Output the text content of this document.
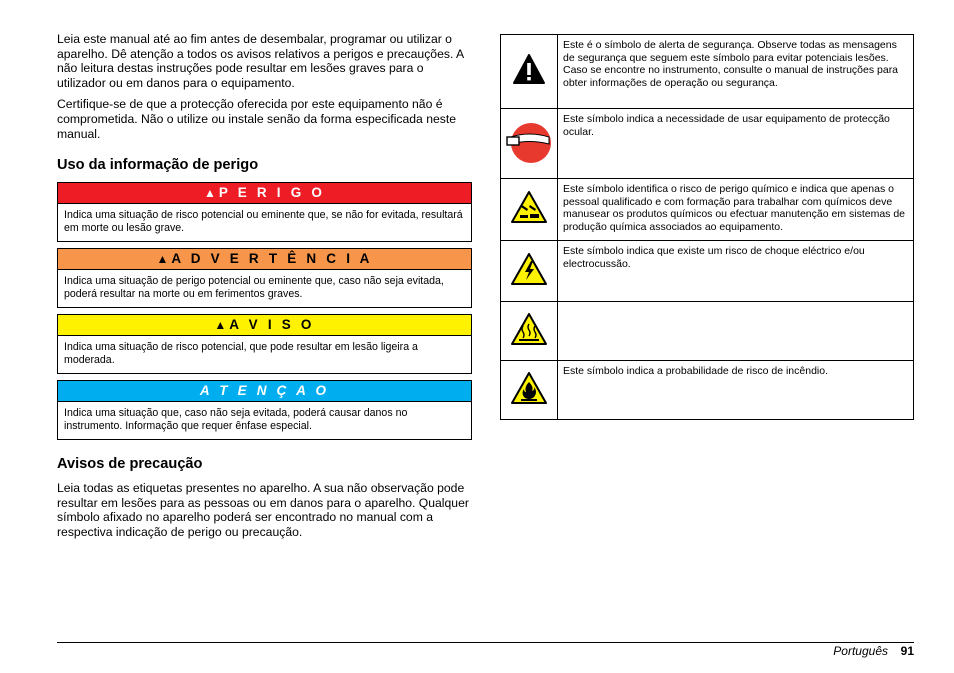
Leia este manual até ao fim antes de desembalar, programar ou utilizar o aparelho. Dê atenção a todos os avisos relativos a perigos e precauções. A não leitura destas instruções pode resultar em lesões graves para o utilizador ou em danos para o equipamento.

Certifique-se de que a protecção oferecida por este equipamento não é comprometida. Não o utilize ou instale senão da forma especificada neste manual.

Uso da informação de perigo
▲ P E R I G O
Indica uma situação de risco potencial ou eminente que, se não for evitada, resultará em morte ou lesão grave.
▲ A D V E R T Ê N C I A
Indica uma situação de perigo potencial ou eminente que, caso não seja evitada, poderá resultar na morte ou em ferimentos graves.
▲ A V I S O
Indica uma situação de risco potencial, que pode resultar em lesão ligeira a moderada.
A T E N Ç A O
Indica uma situação que, caso não seja evitada, poderá causar danos no instrumento. Informação que requer ênfase especial.
Avisos de precaução

Leia todas as etiquetas presentes no aparelho. A sua não observação pode resultar em lesões para as pessoas ou em danos para o aparelho. Qualquer símbolo afixado no aparelho poderá ser encontrado no manual com a respectiva indicação de perigo ou precaução.

	Este é o símbolo de alerta de segurança. Observe todas as mensagens de segurança que seguem este símbolo para evitar potenciais lesões. Caso se encontre no instrumento, consulte o manual de instruções para obter informações de operação ou segurança.
	Este símbolo indica a necessidade de usar equipamento de protecção ocular.
	Este símbolo identifica o risco de perigo químico e indica que apenas o pessoal qualificado e com formação para trabalhar com químicos deve manusear os produtos químicos ou efectuar manutenção em sistemas de produção química associados ao equipamento.
	Este símbolo indica que existe um risco de choque eléctrico e/ou electrocussão.

	Este símbolo indica a probabilidade de risco de incêndio.
Português 91
